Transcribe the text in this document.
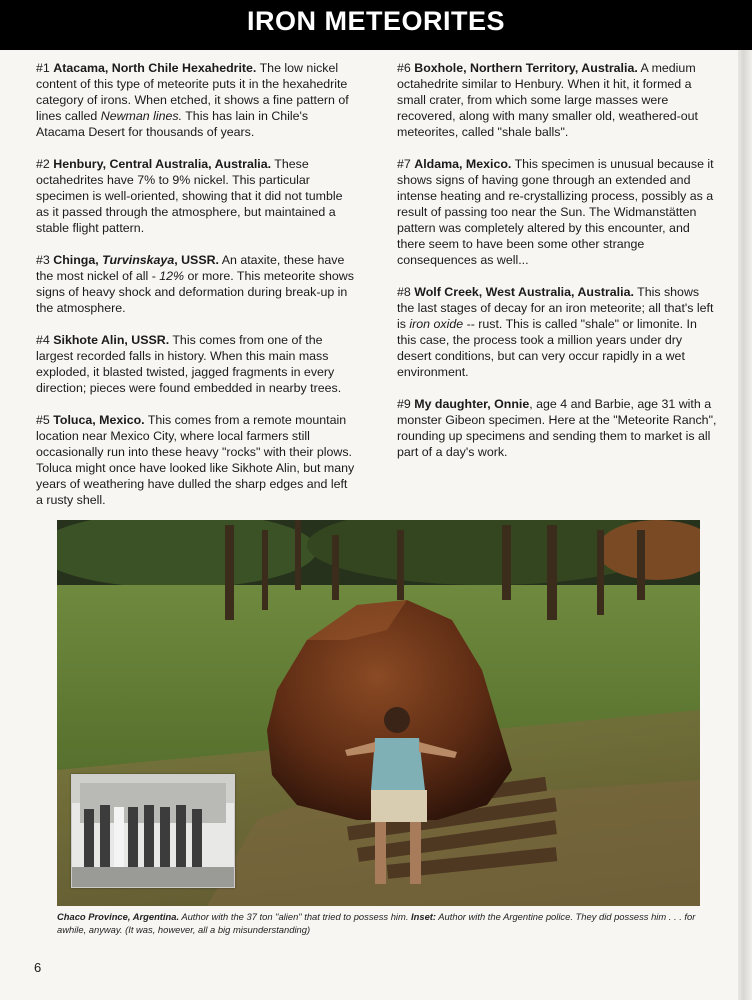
IRON METEORITES

#1 Atacama, North Chile Hexahedrite. The low nickel content of this type of meteorite puts it in the hexahedrite category of irons. When etched, it shows a fine pattern of lines called Newman lines. This has lain in Chile's Atacama Desert for thousands of years.

#2 Henbury, Central Australia, Australia. These octahedrites have 7% to 9% nickel. This particular specimen is well-oriented, showing that it did not tumble as it passed through the atmosphere, but maintained a stable flight pattern.

#3 Chinga, Turvinskaya, USSR. An ataxite, these have the most nickel of all - 12% or more. This meteorite shows signs of heavy shock and deformation during break-up in the atmosphere.

#4 Sikhote Alin, USSR. This comes from one of the largest recorded falls in history. When this main mass exploded, it blasted twisted, jagged fragments in every direction; pieces were found embedded in nearby trees.

#5 Toluca, Mexico. This comes from a remote mountain location near Mexico City, where local farmers still occasionally run into these heavy "rocks" with their plows. Toluca might once have looked like Sikhote Alin, but many years of weathering have dulled the sharp edges and left a rusty shell.

#6 Boxhole, Northern Territory, Australia. A medium octahedrite similar to Henbury. When it hit, it formed a small crater, from which some large masses were recovered, along with many smaller old, weathered-out meteorites, called "shale balls".

#7 Aldama, Mexico. This specimen is unusual because it shows signs of having gone through an extended and intense heating and re-crystallizing process, possibly as a result of passing too near the Sun. The Widmanstätten pattern was completely altered by this encounter, and there seem to have been some other strange consequences as well...

#8 Wolf Creek, West Australia, Australia. This shows the last stages of decay for an iron meteorite; all that's left is iron oxide -- rust. This is called "shale" or limonite. In this case, the process took a million years under dry desert conditions, but can very occur rapidly in a wet environment.

#9 My daughter, Onnie, age 4 and Barbie, age 31 with a monster Gibeon specimen. Here at the "Meteorite Ranch", rounding up specimens and sending them to market is all part of a day's work.

Chaco Province, Argentina. Author with the 37 ton "alien" that tried to possess him. Inset: Author with the Argentine police. They did possess him . . . for awhile, anyway. (It was, however, all a big misunderstanding)
6
